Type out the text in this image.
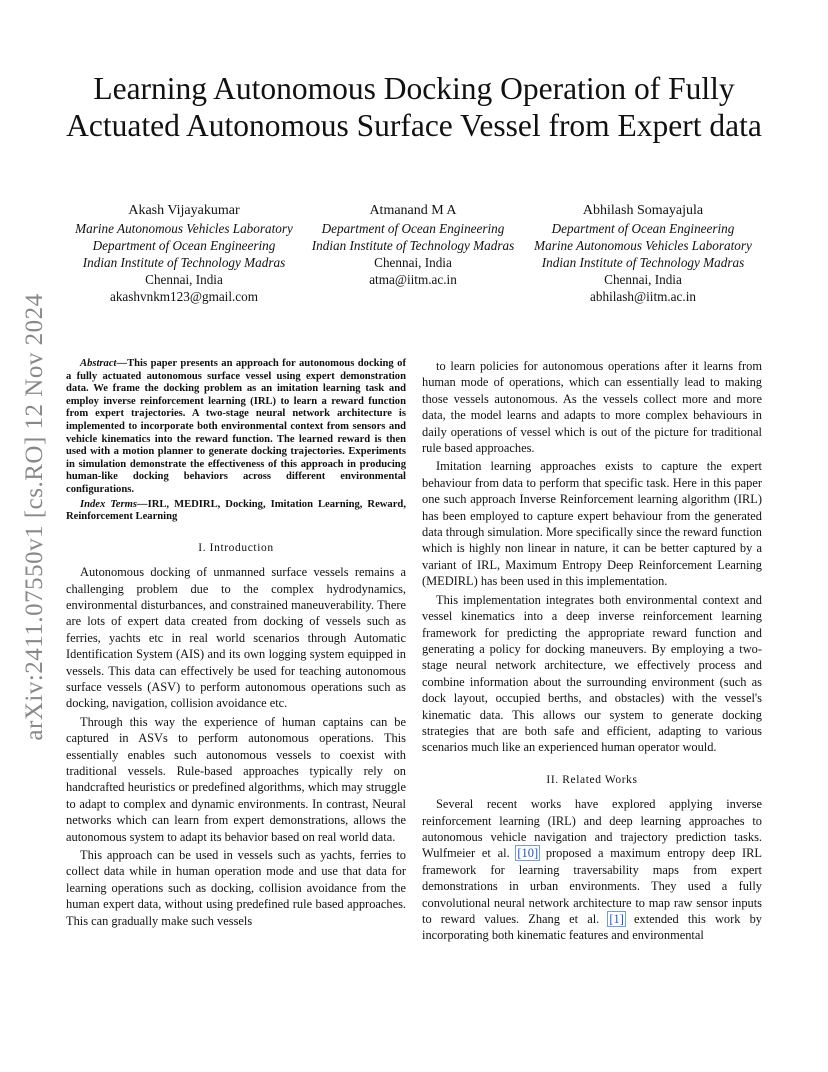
arXiv:2411.07550v1 [cs.RO] 12 Nov 2024
Learning Autonomous Docking Operation of Fully Actuated Autonomous Surface Vessel from Expert data
Akash Vijayakumar
Marine Autonomous Vehicles Laboratory
Department of Ocean Engineering
Indian Institute of Technology Madras
Chennai, India
akashvnkm123@gmail.com
Atmanand M A
Department of Ocean Engineering
Indian Institute of Technology Madras
Chennai, India
atma@iitm.ac.in
Abhilash Somayajula
Department of Ocean Engineering
Marine Autonomous Vehicles Laboratory
Indian Institute of Technology Madras
Chennai, India
abhilash@iitm.ac.in

Abstract—This paper presents an approach for autonomous docking of a fully actuated autonomous surface vessel using expert demonstration data. We frame the docking problem as an imitation learning task and employ inverse reinforcement learning (IRL) to learn a reward function from expert trajectories. A two-stage neural network architecture is implemented to incorporate both environmental context from sensors and vehicle kinematics into the reward function. The learned reward is then used with a motion planner to generate docking trajectories. Experiments in simulation demonstrate the effectiveness of this approach in producing human-like docking behaviors across different environmental configurations.

Index Terms—IRL, MEDIRL, Docking, Imitation Learning, Reward, Reinforcement Learning

I. Introduction

Autonomous docking of unmanned surface vessels remains a challenging problem due to the complex hydrodynamics, environmental disturbances, and constrained maneuverability. There are lots of expert data created from docking of vessels such as ferries, yachts etc in real world scenarios through Automatic Identification System (AIS) and its own logging system equipped in vessels. This data can effectively be used for teaching autonomous surface vessels (ASV) to perform autonomous operations such as docking, navigation, collision avoidance etc.

Through this way the experience of human captains can be captured in ASVs to perform autonomous operations. This essentially enables such autonomous vessels to coexist with traditional vessels. Rule-based approaches typically rely on handcrafted heuristics or predefined algorithms, which may struggle to adapt to complex and dynamic environments. In contrast, Neural networks which can learn from expert demonstrations, allows the autonomous system to adapt its behavior based on real world data.

This approach can be used in vessels such as yachts, ferries to collect data while in human operation mode and use that data for learning operations such as docking, collision avoidance from the human expert data, without using predefined rule based approaches. This can gradually make such vessels

to learn policies for autonomous operations after it learns from human mode of operations, which can essentially lead to making those vessels autonomous. As the vessels collect more and more data, the model learns and adapts to more complex behaviours in daily operations of vessel which is out of the picture for traditional rule based approaches.

Imitation learning approaches exists to capture the expert behaviour from data to perform that specific task. Here in this paper one such approach Inverse Reinforcement learning algorithm (IRL) has been employed to capture expert behaviour from the generated data through simulation. More specifically since the reward function which is highly non linear in nature, it can be better captured by a variant of IRL, Maximum Entropy Deep Reinforcement Learning (MEDIRL) has been used in this implementation.

This implementation integrates both environmental context and vessel kinematics into a deep inverse reinforcement learning framework for predicting the appropriate reward function and generating a policy for docking maneuvers. By employing a two-stage neural network architecture, we effectively process and combine information about the surrounding environment (such as dock layout, occupied berths, and obstacles) with the vessel's kinematic data. This allows our system to generate docking strategies that are both safe and efficient, adapting to various scenarios much like an experienced human operator would.

II. Related Works

Several recent works have explored applying inverse reinforcement learning (IRL) and deep learning approaches to autonomous vehicle navigation and trajectory prediction tasks. Wulfmeier et al. [10] proposed a maximum entropy deep IRL framework for learning traversability maps from expert demonstrations in urban environments. They used a fully convolutional neural network architecture to map raw sensor inputs to reward values. Zhang et al. [1] extended this work by incorporating both kinematic features and environmental
